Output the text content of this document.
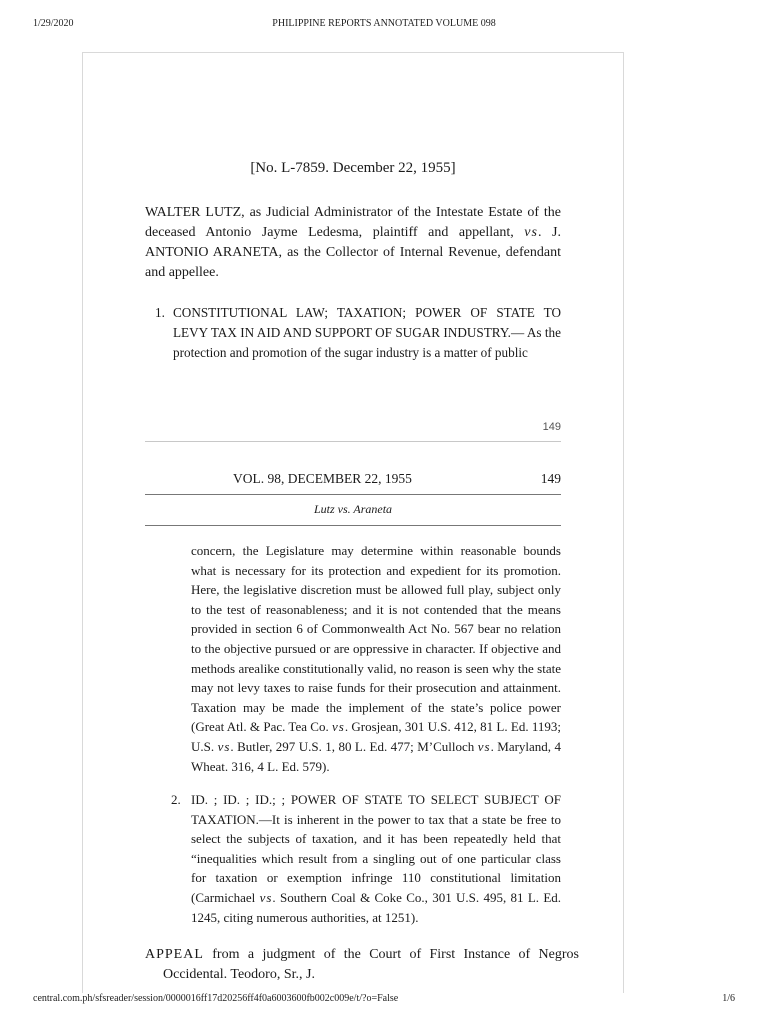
1/29/2020	PHILIPPINE REPORTS ANNOTATED VOLUME 098
[No. L-7859. December 22, 1955]
WALTER LUTZ, as Judicial Administrator of the Intestate Estate of the deceased Antonio Jayme Ledesma, plaintiff and appellant, vs. J. ANTONIO ARANETA, as the Collector of Internal Revenue, defendant and appellee.
1. CONSTITUTIONAL LAW; TAXATION; POWER OF STATE TO LEVY TAX IN AID AND SUPPORT OF SUGAR INDUSTRY.— As the protection and promotion of the sugar industry is a matter of public
149
VOL. 98, DECEMBER 22, 1955	149
Lutz vs. Araneta
concern, the Legislature may determine within reasonable bounds what is necessary for its protection and expedient for its promotion. Here, the legislative discretion must be allowed full play, subject only to the test of reasonableness; and it is not contended that the means provided in section 6 of Commonwealth Act No. 567 bear no relation to the objective pursued or are oppressive in character. If objective and methods arealike constitutionally valid, no reason is seen why the state may not levy taxes to raise funds for their prosecution and attainment. Taxation may be made the implement of the state’s police power (Great Atl. & Pac. Tea Co. vs. Grosjean, 301 U.S. 412, 81 L. Ed. 1193; U.S. vs. Butler, 297 U.S. 1, 80 L. Ed. 477; M’Culloch vs. Maryland, 4 Wheat. 316, 4 L. Ed. 579).
2. ID. ; ID. ; ID.; ; POWER OF STATE TO SELECT SUBJECT OF TAXATION.—It is inherent in the power to tax that a state be free to select the subjects of taxation, and it has been repeatedly held that “inequalities which result from a singling out of one particular class for taxation or exemption infringe 110 constitutional limitation (Carmichael vs. Southern Coal & Coke Co., 301 U.S. 495, 81 L. Ed. 1245, citing numerous authorities, at 1251).
APPEAL from a judgment of the Court of First Instance of Negros Occidental. Teodoro, Sr., J.
central.com.ph/sfsreader/session/0000016ff17d20256ff4f0a6003600fb002c009e/t/?o=False	1/6
